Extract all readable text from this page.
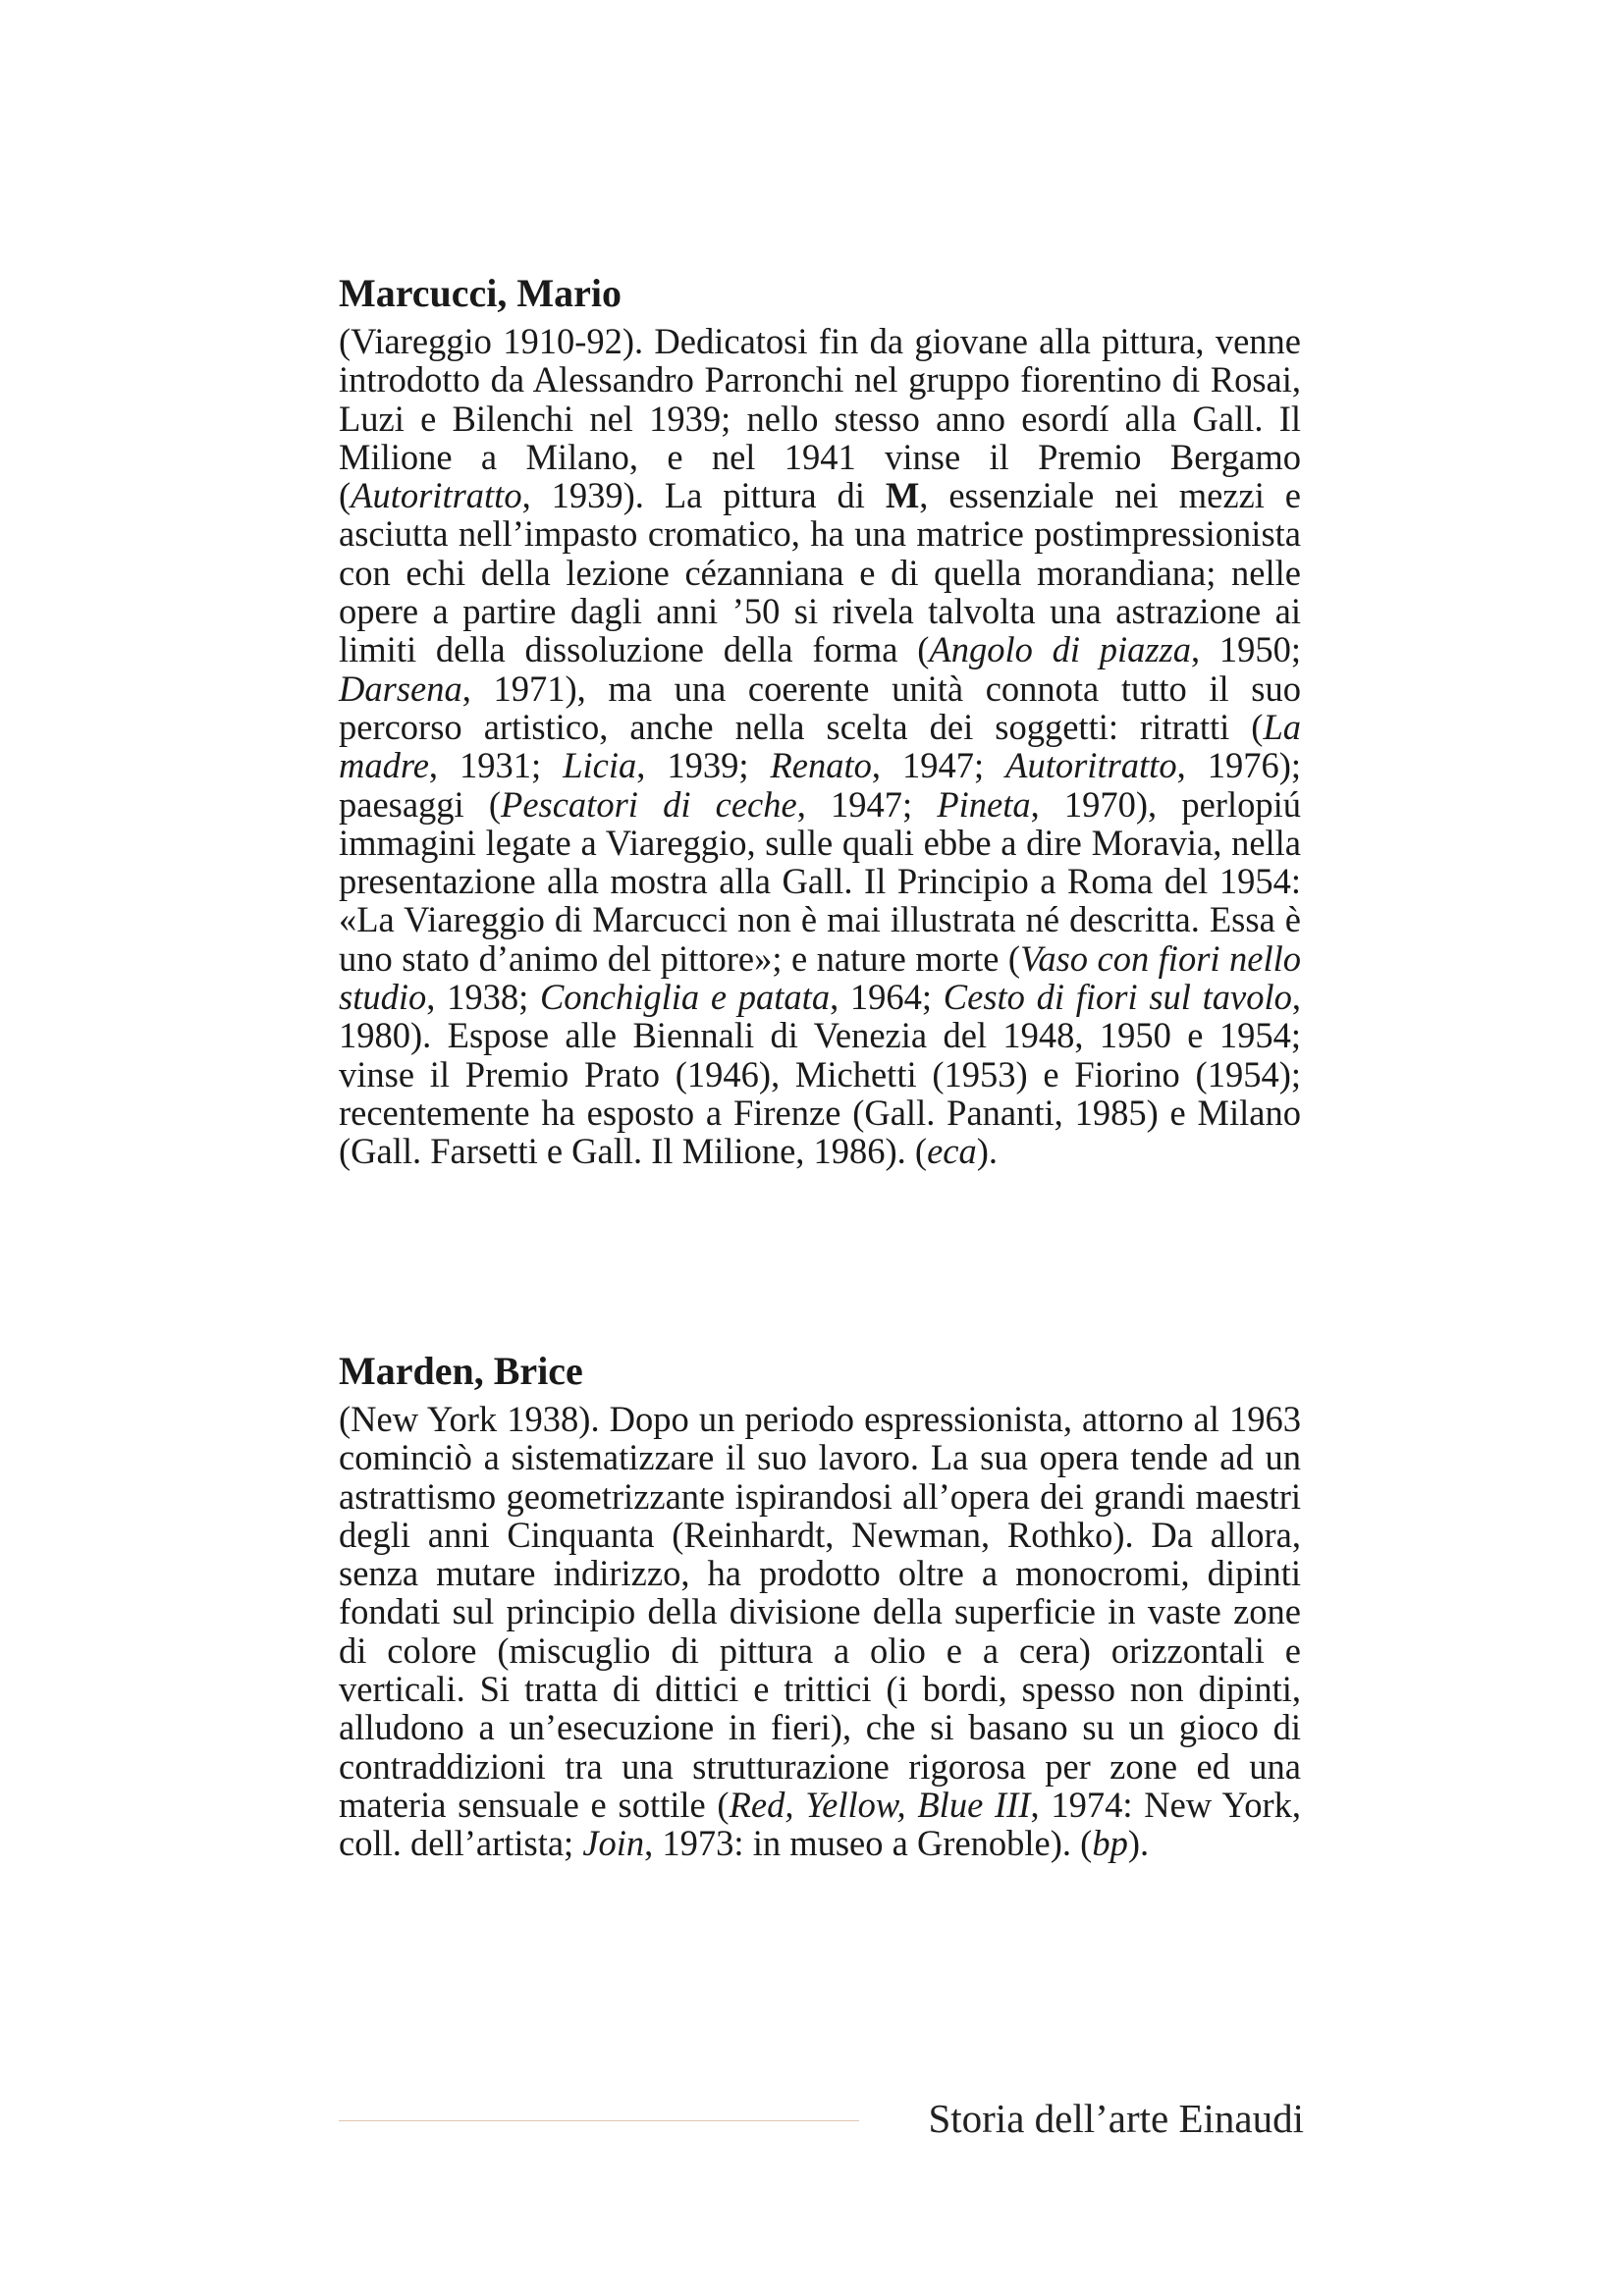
Marcucci, Mario

(Viareggio 1910-92). Dedicatosi fin da giovane alla pittura, venne introdotto da Alessandro Parronchi nel gruppo fiorentino di Rosai, Luzi e Bilenchi nel 1939; nello stesso anno esordí alla Gall. Il Milione a Milano, e nel 1941 vinse il Premio Bergamo (Autoritratto, 1939). La pittura di M, essenziale nei mezzi e asciutta nell’impasto cromatico, ha una matrice postimpressionista con echi della lezione cézanniana e di quella morandiana; nelle opere a partire dagli anni ’50 si rivela talvolta una astrazione ai limiti della dissoluzione della forma (Angolo di piazza, 1950; Darsena, 1971), ma una coerente unità connota tutto il suo percorso artistico, anche nella scelta dei soggetti: ritratti (La madre, 1931; Licia, 1939; Renato, 1947; Autoritratto, 1976); paesaggi (Pescatori di ceche, 1947; Pineta, 1970), perlopiú immagini legate a Viareggio, sulle quali ebbe a dire Moravia, nella presentazione alla mostra alla Gall. Il Principio a Roma del 1954: «La Viareggio di Marcucci non è mai illustrata né descritta. Essa è uno stato d’animo del pittore»; e nature morte (Vaso con fiori nello studio, 1938; Conchiglia e patata, 1964; Cesto di fiori sul tavolo, 1980). Espose alle Biennali di Venezia del 1948, 1950 e 1954; vinse il Premio Prato (1946), Michetti (1953) e Fiorino (1954); recentemente ha esposto a Firenze (Gall. Pananti, 1985) e Milano (Gall. Farsetti e Gall. Il Milione, 1986). (eca).

Marden, Brice

(New York 1938). Dopo un periodo espressionista, attorno al 1963 cominciò a sistematizzare il suo lavoro. La sua opera tende ad un astrattismo geometrizzante ispirandosi all’opera dei grandi maestri degli anni Cinquanta (Reinhardt, Newman, Rothko). Da allora, senza mutare indirizzo, ha prodotto oltre a monocromi, dipinti fondati sul principio della divisione della superficie in vaste zone di colore (miscuglio di pittura a olio e a cera) orizzontali e verticali. Si tratta di dittici e trittici (i bordi, spesso non dipinti, alludono a un’esecuzione in fieri), che si basano su un gioco di contraddizioni tra una strutturazione rigorosa per zone ed una materia sensuale e sottile (Red, Yellow, Blue III, 1974: New York, coll. dell’artista; Join, 1973: in museo a Grenoble). (bp).

Storia dell’arte Einaudi
